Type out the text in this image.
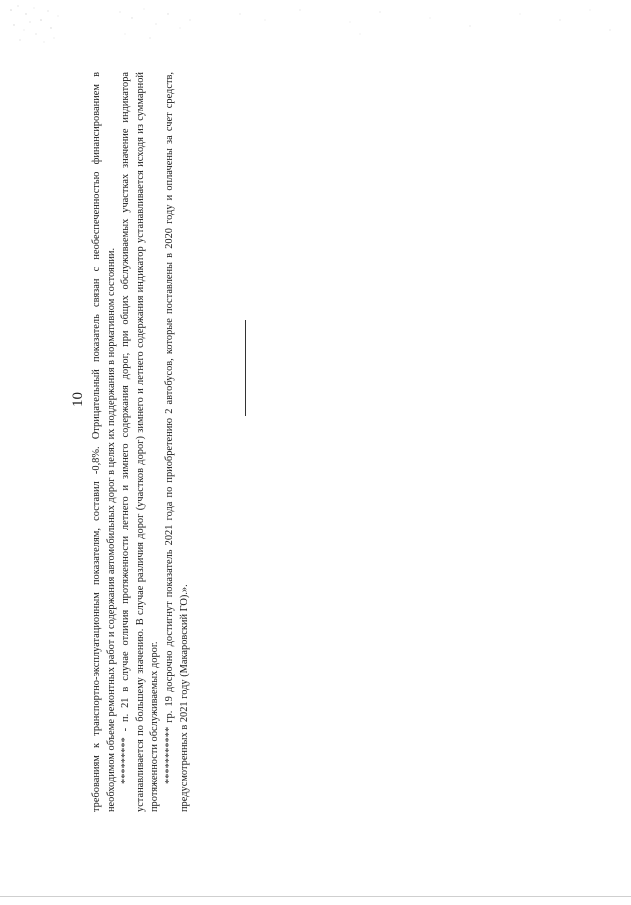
10 требованиям к транспортно-эксплуатационным показателям, составил -0,8%. Отрицательный показатель связан с необеспеченностью финансированием в необходимом объеме ремонтных работ и содержания автомобильных дорог в целях их поддержания в нормативном состоянии. ********* - п. 21 в случае отличия протяженности летнего и зимнего содержания дорог, при общих обслуживаемых участках значение индикатора устанавливается по большему значению. В случае различия дорог (участков дорог) зимнего и летнего содержания индикатор устанавливается исходя из суммарной протяженности обслуживаемых дорог. *********** гр. 19 досрочно достигнут показатель 2021 года по приобретению 2 автобусов, которые поставлены в 2020 году и оплачены за счет средств, предусмотренных в 2021 году (Макаровский ГО).».
